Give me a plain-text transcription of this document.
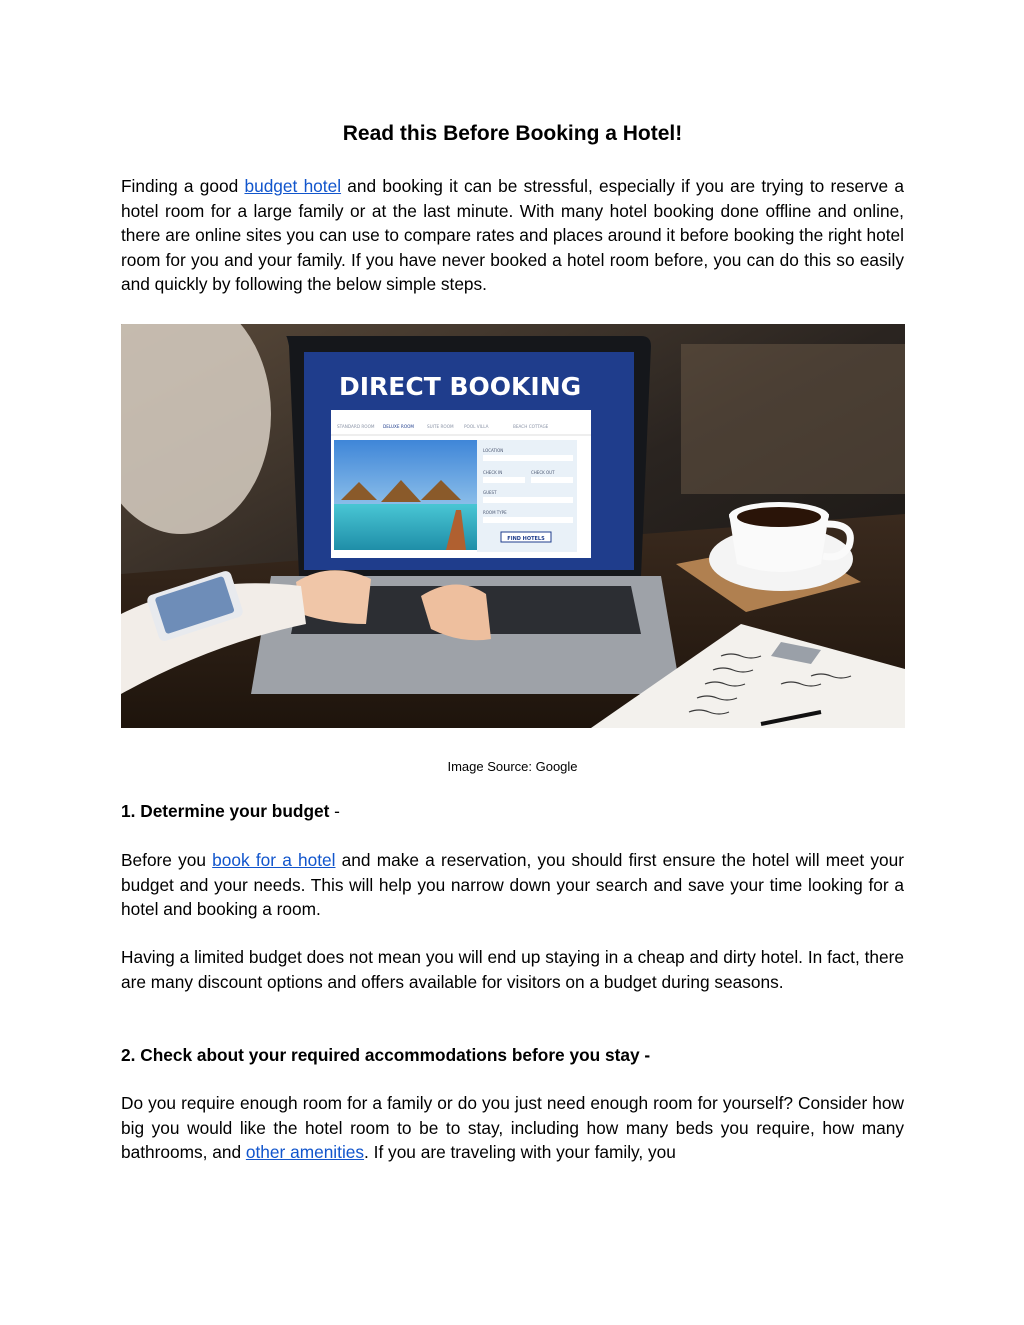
Read this Before Booking a Hotel!

Finding a good budget hotel and booking it can be stressful, especially if you are trying to reserve a hotel room for a large family or at the last minute. With many hotel booking done offline and online, there are online sites you can use to compare rates and places around it before booking the right hotel room for you and your family. If you have never booked a hotel room before, you can do this so easily and quickly by following the below simple steps.

DIRECT BOOKING
STANDARD ROOM DELUXE ROOM	SUITE ROOM POOL VILLA	BEACH COTTAGE
LOCATION
CHECK IN	CHECK OUT
GUEST
ROOM TYPE
FIND HOTELS
Image Source: Google
1. Determine your budget -

Before you book for a hotel and make a reservation, you should first ensure the hotel will meet your budget and your needs. This will help you narrow down your search and save your time looking for a hotel and booking a room.

Having a limited budget does not mean you will end up staying in a cheap and dirty hotel. In fact, there are many discount options and offers available for visitors on a budget during seasons.

2. Check about your required accommodations before you stay -

Do you require enough room for a family or do you just need enough room for yourself? Consider how big you would like the hotel room to be to stay, including how many beds you require, how many bathrooms, and other amenities. If you are traveling with your family, you
